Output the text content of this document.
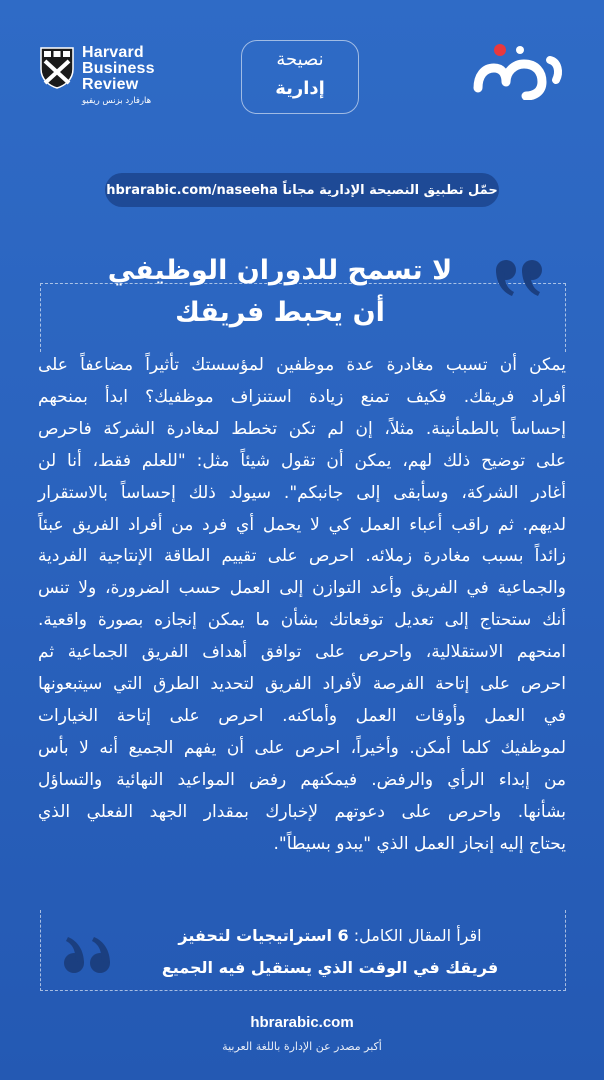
Harvard
Business
Review
هارفارد بزنس ريفيو
نصيحة
إدارية
حمّل تطبيق النصيحة الإدارية مجاناً hbrarabic.com/naseeha
لا تسمح للدوران الوظيفي
أن يحبط فريقك
يمكن أن تسبب مغادرة عدة موظفين لمؤسستك تأثيراً مضاعفاً على
أفراد فريقك. فكيف تمنع زيادة استنزاف موظفيك؟ ابدأ بمنحهم
إحساساً بالطمأنينة. مثلاً، إن لم تكن تخطط لمغادرة الشركة فاحرص
على توضيح ذلك لهم، يمكن أن تقول شيئاً مثل: "للعلم فقط، أنا لن
أغادر الشركة، وسأبقى إلى جانبكم". سيولد ذلك إحساساً بالاستقرار
لديهم. ثم راقب أعباء العمل كي لا يحمل أي فرد من أفراد الفريق عبئاً
زائداً بسبب مغادرة زملائه. احرص على تقييم الطاقة الإنتاجية الفردية
والجماعية في الفريق وأعد التوازن إلى العمل حسب الضرورة، ولا تنس
أنك ستحتاج إلى تعديل توقعاتك بشأن ما يمكن إنجازه بصورة واقعية.
امنحهم الاستقلالية، واحرص على توافق أهداف الفريق الجماعية ثم
احرص على إتاحة الفرصة لأفراد الفريق لتحديد الطرق التي سيتبعونها
في العمل وأوقات العمل وأماكنه. احرص على إتاحة الخيارات
لموظفيك كلما أمكن. وأخيراً، احرص على أن يفهم الجميع أنه لا بأس
من إبداء الرأي والرفض. فيمكنهم رفض المواعيد النهائية والتساؤل
بشأنها. واحرص على دعوتهم لإخبارك بمقدار الجهد الفعلي الذي
يحتاج إليه إنجاز العمل الذي "يبدو بسيطاً".
اقرأ المقال الكامل: 6 استراتيجيات لتحفيز
فريقك في الوقت الذي يستقيل فيه الجميع
hbrarabic.com
أكبر مصدر عن الإدارة باللغة العربية
